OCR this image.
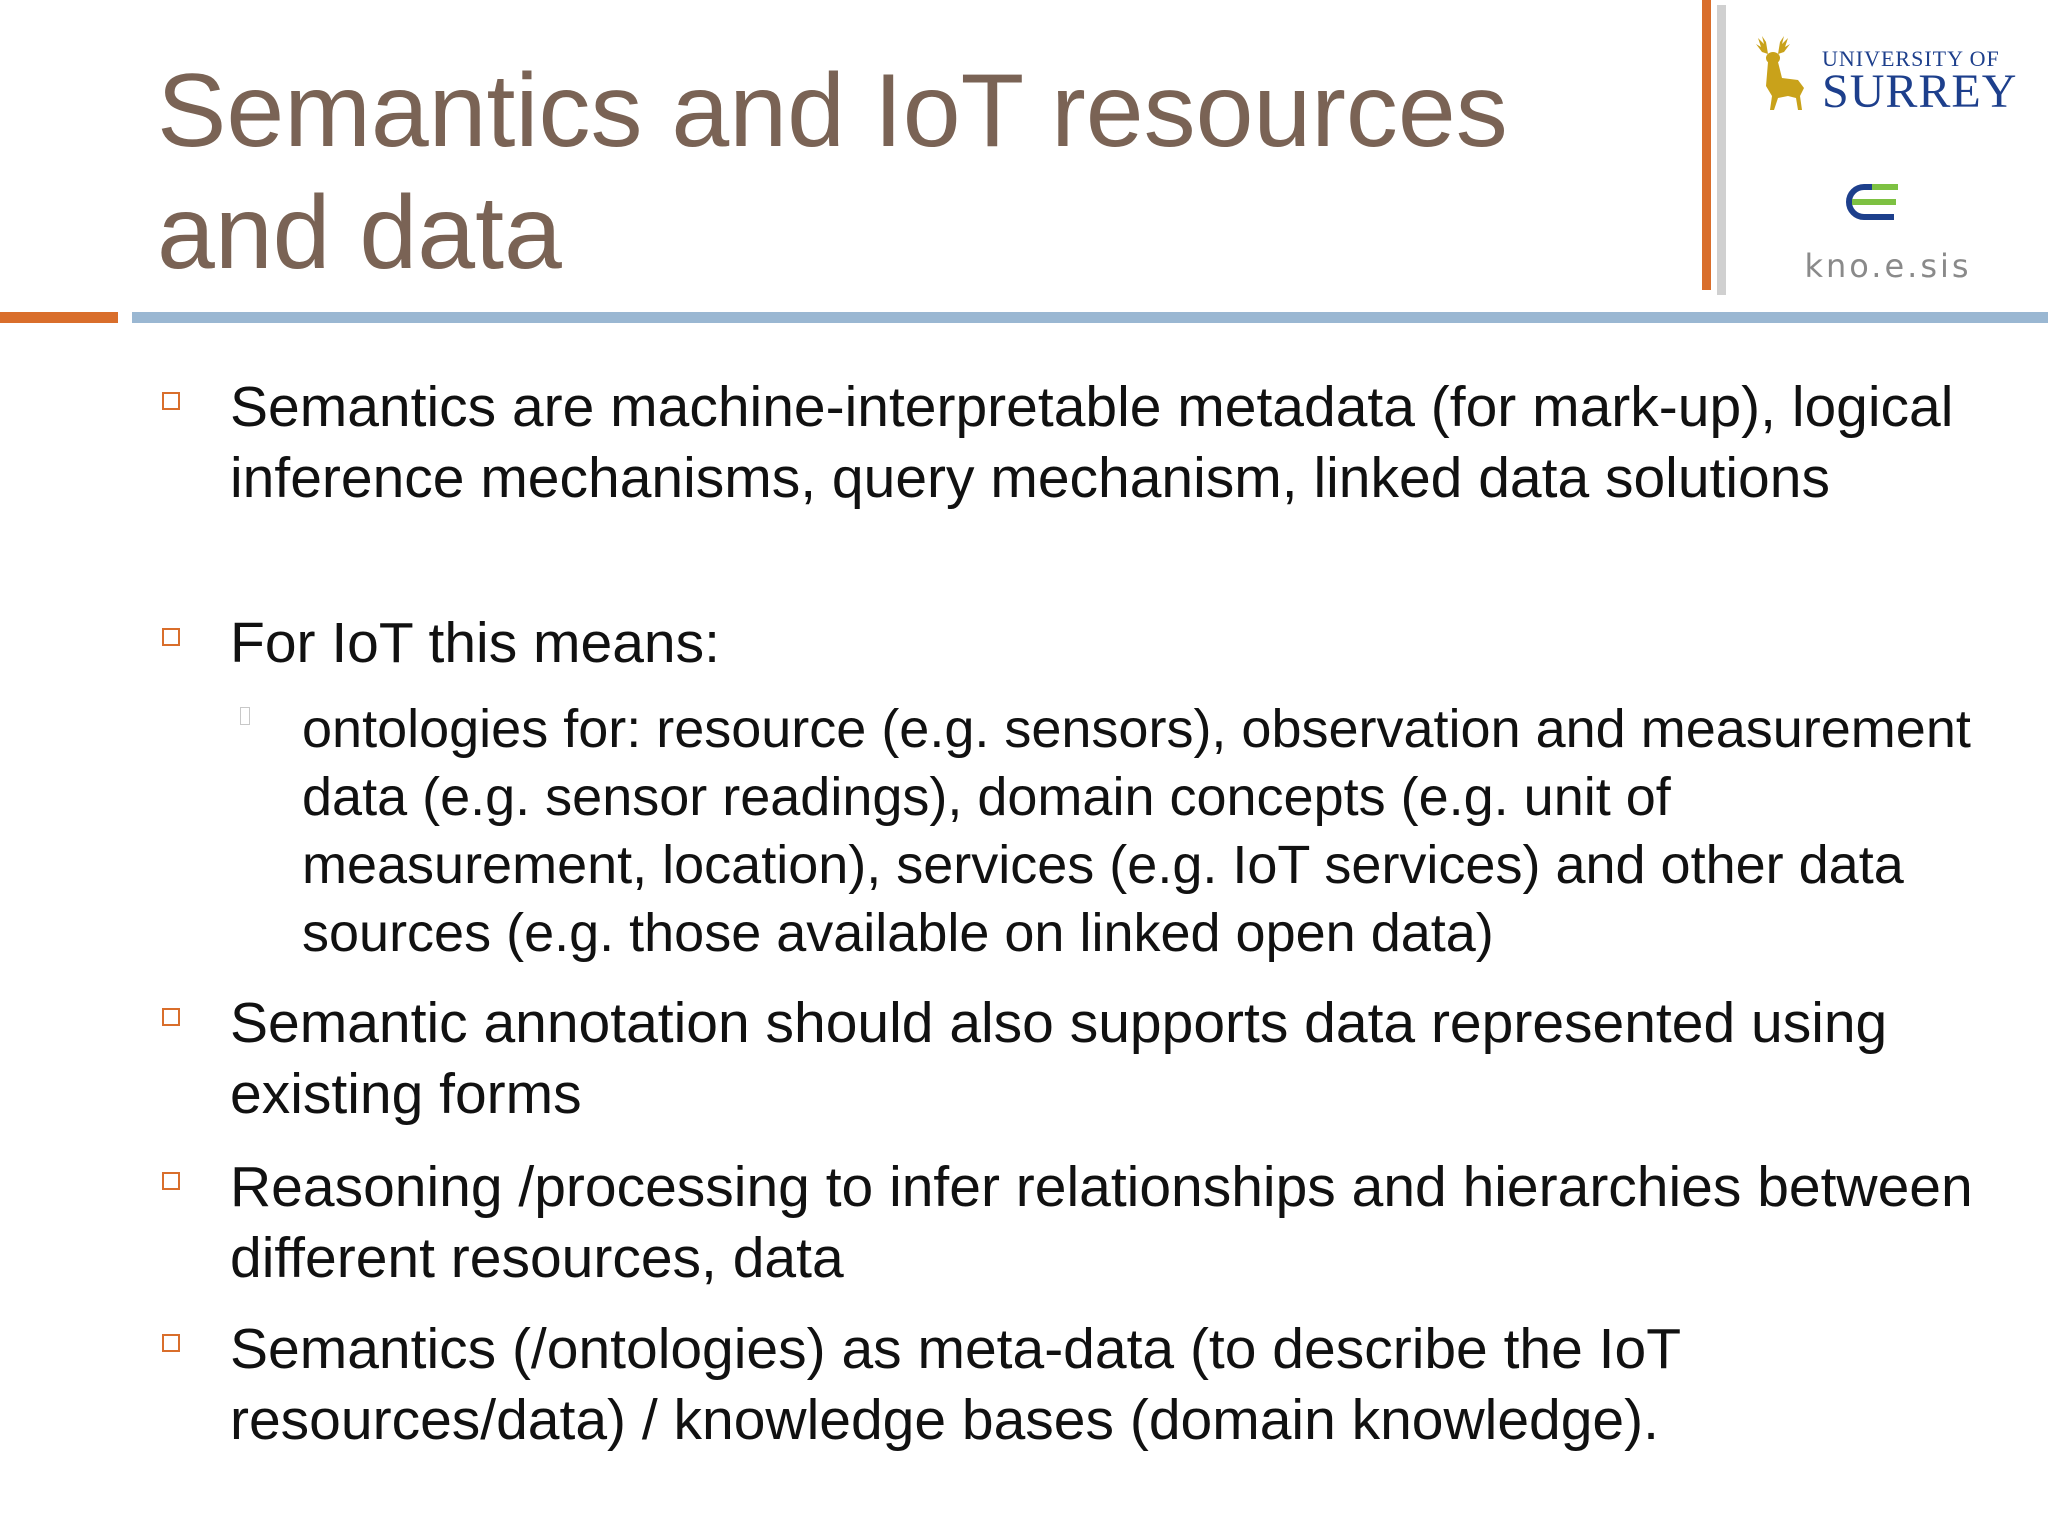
Semantics and IoT resources and data
UNIVERSITY OF
SURREY
kno.e.sis
Semantics are machine-interpretable metadata (for mark-up), logical inference mechanisms, query mechanism, linked data solutions
For IoT this means:
ontologies for: resource (e.g. sensors), observation and measurement data (e.g. sensor readings), domain concepts (e.g. unit of measurement, location), services (e.g. IoT services) and other data sources (e.g. those available on linked open data)
Semantic annotation should also supports data represented using existing forms
Reasoning /processing to infer relationships and hierarchies between different resources, data
Semantics (/ontologies) as meta-data (to describe the IoT resources/data) / knowledge bases (domain knowledge).
